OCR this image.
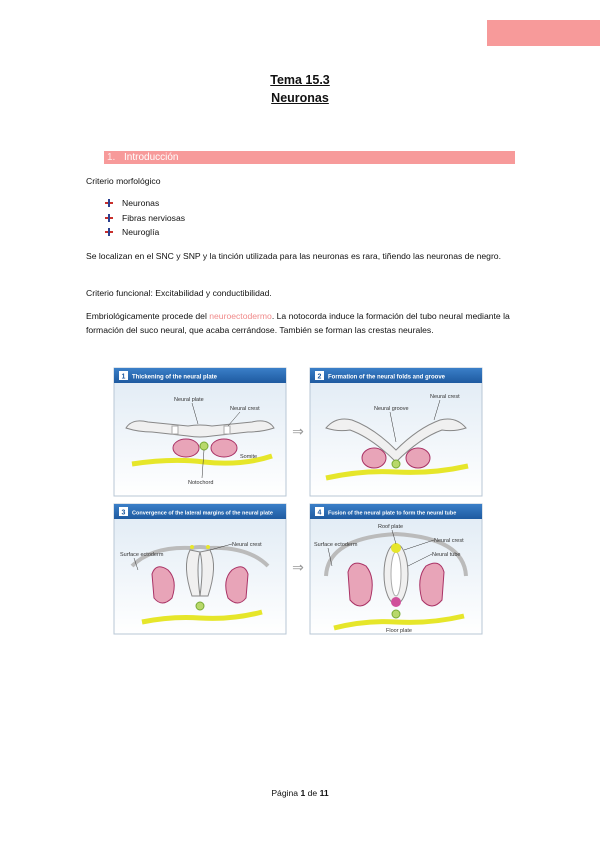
Tema 15.3
Neuronas
1. Introducción
Criterio morfológico
Neuronas
Fibras nerviosas
Neuroglía
Se localizan en el SNC y SNP y la tinción utilizada para las neuronas es rara, tiñendo las neuronas de negro.
Criterio funcional: Excitabilidad y conductibilidad.
Embriológicamente procede del neuroectodermo. La notocorda induce la formación del tubo neural mediante la formación del suco neural, que acaba cerrándose. También se forman las crestas neurales.
1 Thickening of the neural plate
Neural plate
Neural crest
Somite
Notochord
⇒
2 Formation of the neural folds and groove
Neural groove
Neural crest
3 Convergence of the lateral margins of the neural plate
Surface ectoderm
Neural crest
⇒
4 Fusion of the neural plate to form the neural tube
Roof plate
Neural crest
Surface ectoderm
Neural tube
Floor plate
Página 1 de 11
